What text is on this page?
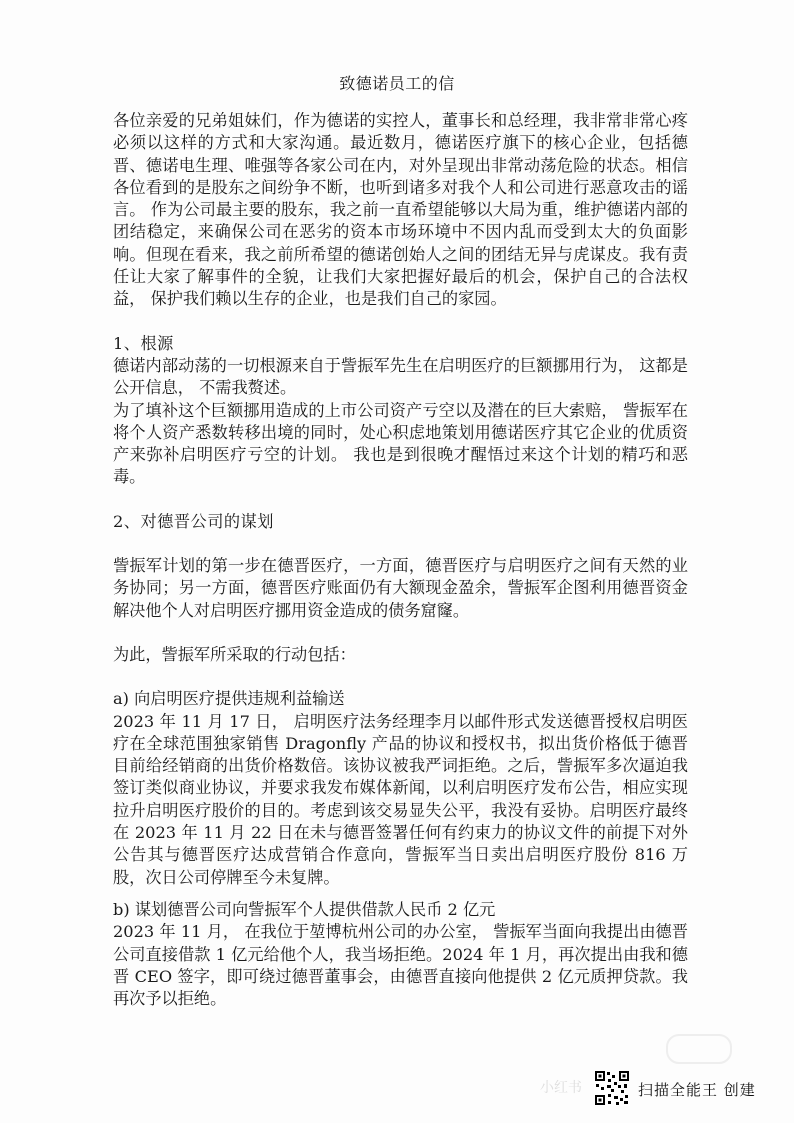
致德诺员工的信

各位亲爱的兄弟姐妹们，作为德诺的实控人，董事长和总经理，我非常非常心疼必须以这样的方式和大家沟通。最近数月，德诺医疗旗下的核心企业，包括德晋、德诺电生理、唯强等各家公司在内，对外呈现出非常动荡危险的状态。相信各位看到的是股东之间纷争不断，也听到诸多对我个人和公司进行恶意攻击的谣言。 作为公司最主要的股东，我之前一直希望能够以大局为重，维护德诺内部的团结稳定，来确保公司在恶劣的资本市场环境中不因内乱而受到太大的负面影响。但现在看来，我之前所希望的德诺创始人之间的团结无异与虎谋皮。我有责任让大家了解事件的全貌，让我们大家把握好最后的机会，保护自己的合法权益， 保护我们赖以生存的企业，也是我们自己的家园。

1、根源

德诺内部动荡的一切根源来自于訾振军先生在启明医疗的巨额挪用行为， 这都是公开信息， 不需我赘述。

为了填补这个巨额挪用造成的上市公司资产亏空以及潜在的巨大索赔， 訾振军在将个人资产悉数转移出境的同时，处心积虑地策划用德诺医疗其它企业的优质资产来弥补启明医疗亏空的计划。 我也是到很晚才醒悟过来这个计划的精巧和恶毒。

2、对德晋公司的谋划

訾振军计划的第一步在德晋医疗，一方面，德晋医疗与启明医疗之间有天然的业务协同；另一方面，德晋医疗账面仍有大额现金盈余，訾振军企图利用德晋资金解决他个人对启明医疗挪用资金造成的债务窟窿。

为此，訾振军所采取的行动包括：

a) 向启明医疗提供违规利益输送

2023 年 11 月 17 日， 启明医疗法务经理李月以邮件形式发送德晋授权启明医疗在全球范围独家销售 Dragonfly 产品的协议和授权书，拟出货价格低于德晋目前给经销商的出货价格数倍。该协议被我严词拒绝。之后，訾振军多次逼迫我签订类似商业协议，并要求我发布媒体新闻，以利启明医疗发布公告，相应实现拉升启明医疗股价的目的。考虑到该交易显失公平，我没有妥协。启明医疗最终在 2023 年 11 月 22 日在未与德晋签署任何有约束力的协议文件的前提下对外公告其与德晋医疗达成营销合作意向，訾振军当日卖出启明医疗股份 816 万股，次日公司停牌至今未复牌。

b) 谋划德晋公司向訾振军个人提供借款人民币 2 亿元

2023 年 11 月， 在我位于堃博杭州公司的办公室， 訾振军当面向我提出由德晋公司直接借款 1 亿元给他个人，我当场拒绝。2024 年 1 月，再次提出由我和德晋 CEO 签字，即可绕过德晋董事会，由德晋直接向他提供 2 亿元质押贷款。我再次予以拒绝。

小红书	扫描全能王 创建
